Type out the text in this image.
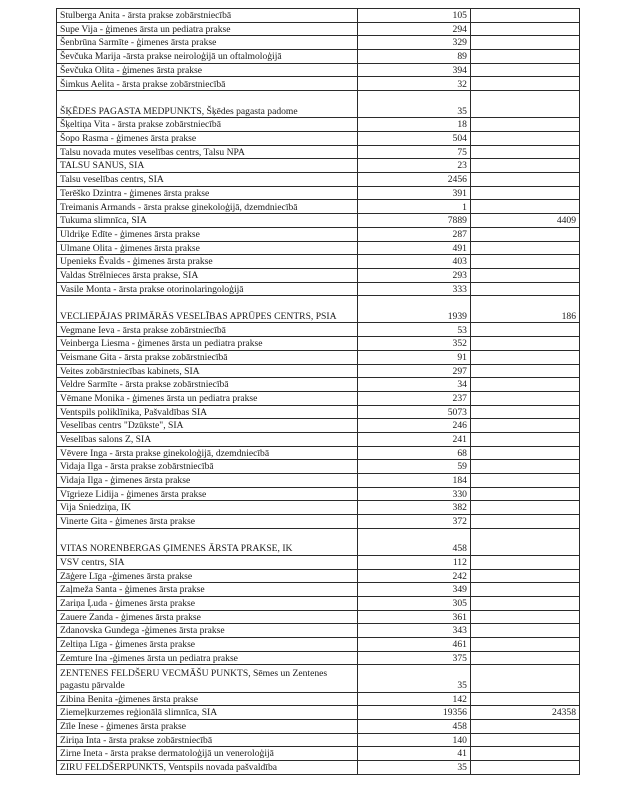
Stulberga Anita - ārsta prakse zobārstniecībā	105	
Supe Vija - ģimenes ārsta un pediatra prakse	294	
Šenbrūna Sarmīte - ģimenes ārsta prakse	329	
Ševčuka Marija -ārsta prakse neiroloģijā un oftalmoloģijā	89	
Ševčuka Olita - ģimenes ārsta prakse	394	
Šimkus Aelita - ārsta prakse zobārstniecībā	32	
ŠĶĒDES PAGASTA MEDPUNKTS, Šķēdes pagasta padome	35	
Šķeltiņa Vita - ārsta prakse zobārstniecībā	18	
Šopo Rasma - ģimenes ārsta prakse	504	
Talsu novada mutes veselības centrs, Talsu NPA	75	
TALSU SANUS, SIA	23	
Talsu veselības centrs, SIA	2456	
Terēško Dzintra - ģimenes ārsta prakse	391	
Treimanis Armands - ārsta prakse ginekoloģijā, dzemdniecībā	1	
Tukuma slimnīca, SIA	7889	4409
Uldriķe Edīte - ģimenes ārsta prakse	287	
Ulmane Olita - ģimenes ārsta prakse	491	
Upenieks Ēvalds - ģimenes ārsta prakse	403	
Valdas Strēlnieces ārsta prakse, SIA	293	
Vasile Monta - ārsta prakse otorinolaringoloģijā	333	
VECLIEPĀJAS PRIMĀRĀS VESELĪBAS APRŪPES CENTRS, PSIA	1939	186
Vegmane Ieva - ārsta prakse zobārstniecībā	53	
Veinberga Liesma - ģimenes ārsta un pediatra prakse	352	
Veismane Gita - ārsta prakse zobārstniecībā	91	
Veites zobārstniecības kabinets, SIA	297	
Veldre Sarmīte - ārsta prakse zobārstniecībā	34	
Vēmane Monika - ģimenes ārsta un pediatra prakse	237	
Ventspils poliklīnika, Pašvaldības SIA	5073	
Veselības centrs "Dzūkste", SIA	246	
Veselības salons Z, SIA	241	
Vēvere Inga - ārsta prakse ginekoloģijā, dzemdniecībā	68	
Vidaja Ilga - ārsta prakse zobārstniecībā	59	
Vidaja Ilga - ģimenes ārsta prakse	184	
Vīgrieze Lidija - ģimenes ārsta prakse	330	
Vija Sniedziņa, IK	382	
Vinerte Gita - ģimenes ārsta prakse	372	
VITAS NORENBERGAS ĢIMENES ĀRSTA PRAKSE, IK	458	
VSV centrs, SIA	112	
Zāģere Līga -ģimenes ārsta prakse	242	
Zaļmeža Santa - ģimenes ārsta prakse	349	
Zariņa Ļuda - ģimenes ārsta prakse	305	
Zauere Zanda - ģimenes ārsta prakse	361	
Zdanovska Gundega -ģimenes ārsta prakse	343	
Zeltiņa Līga - ģimenes ārsta prakse	461	
Zemture Ina -ģimenes ārsta un pediatra prakse	375	
ZENTENES FELDŠERU VECMĀŠU PUNKTS, Sēmes un Zentenes pagastu pārvalde	35	
Zibina Benita -ģimenes ārsta prakse	142	
Ziemeļkurzemes reģionālā slimnīca, SIA	19356	24358
Zīle Inese - ģimenes ārsta prakse	458	
Ziriņa Inta - ārsta prakse zobārstniecībā	140	
Zirne Ineta - ārsta prakse dermatoloģijā un veneroloģijā	41	
ZIRU FELDŠERPUNKTS, Ventspils novada pašvaldība	35	
